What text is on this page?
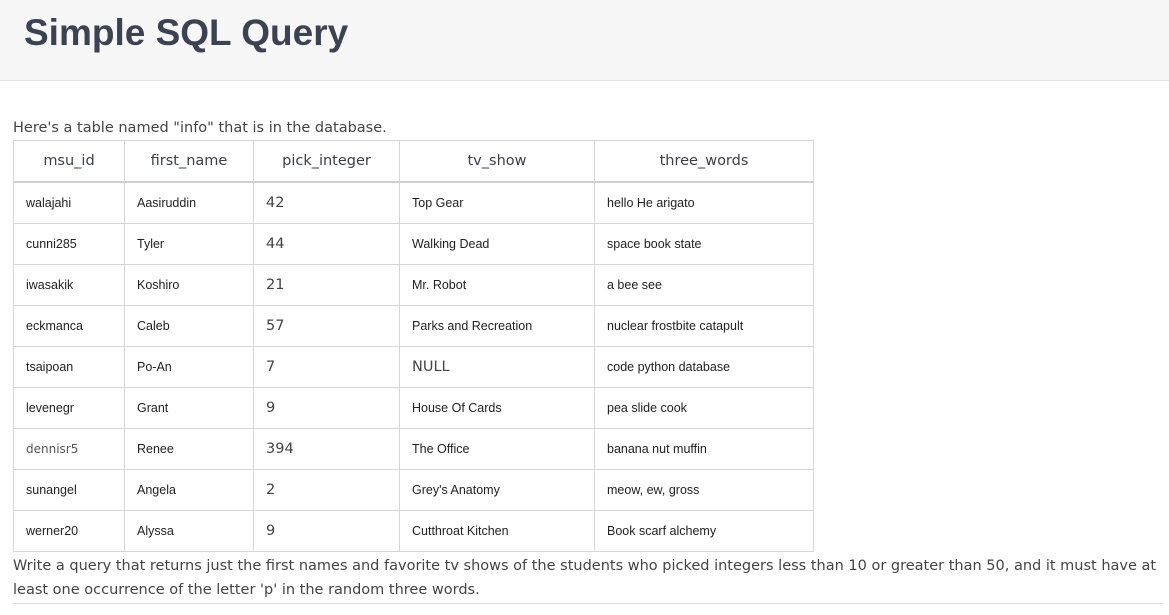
Simple SQL Query

Here's a table named "info" that is in the database.

msu_id	first_name	pick_integer	tv_show	three_words
walajahi	Aasiruddin	42	Top Gear	hello He arigato
cunni285	Tyler	44	Walking Dead	space book state
iwasakik	Koshiro	21	Mr. Robot	a bee see
eckmanca	Caleb	57	Parks and Recreation	nuclear frostbite catapult
tsaipoan	Po-An	7	NULL	code python database
levenegr	Grant	9	House Of Cards	pea slide cook
dennisr5	Renee	394	The Office	banana nut muffin
sunangel	Angela	2	Grey's Anatomy	meow, ew, gross
werner20	Alyssa	9	Cutthroat Kitchen	Book scarf alchemy

Write a query that returns just the first names and favorite tv shows of the students who picked integers less than 10 or greater than 50, and it must have at least one occurrence of the letter 'p' in the random three words.
